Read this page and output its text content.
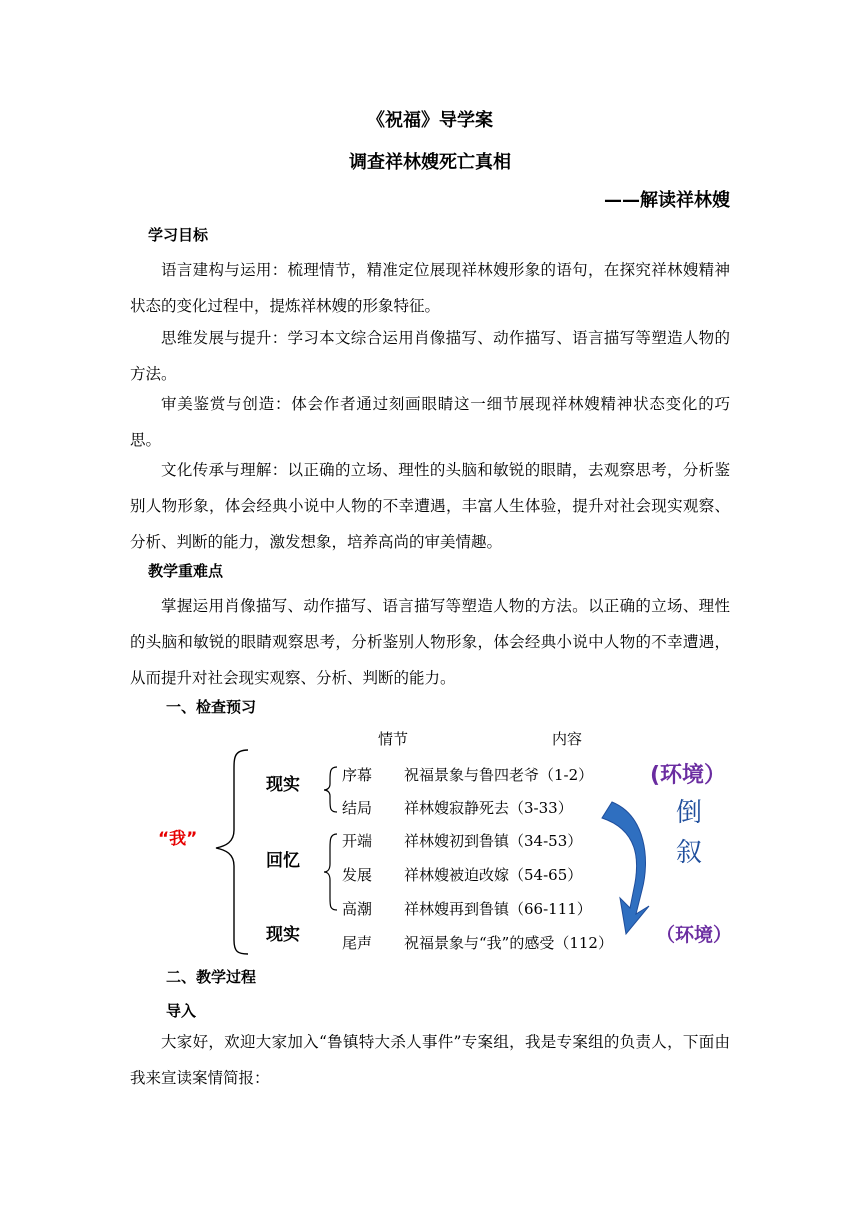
《祝福》导学案
调查祥林嫂死亡真相
——解读祥林嫂
学习目标
语言建构与运用：梳理情节，精准定位展现祥林嫂形象的语句，在探究祥林嫂精神状态的变化过程中，提炼祥林嫂的形象特征。
思维发展与提升：学习本文综合运用肖像描写、动作描写、语言描写等塑造人物的方法。
审美鉴赏与创造：体会作者通过刻画眼睛这一细节展现祥林嫂精神状态变化的巧思。
文化传承与理解：以正确的立场、理性的头脑和敏锐的眼睛，去观察思考，分析鉴别人物形象，体会经典小说中人物的不幸遭遇，丰富人生体验，提升对社会现实观察、分析、判断的能力，激发想象，培养高尚的审美情趣。
教学重难点
掌握运用肖像描写、动作描写、语言描写等塑造人物的方法。以正确的立场、理性的头脑和敏锐的眼睛观察思考，分析鉴别人物形象，体会经典小说中人物的不幸遭遇，从而提升对社会现实观察、分析、判断的能力。
一、检查预习
情节	内容
“我”
现实
回忆
现实
序幕	祝福景象与鲁四老爷（1-2）
结局	祥林嫂寂静死去（3-33）
开端	祥林嫂初到鲁镇（34-53）
发展	祥林嫂被迫改嫁（54-65）
高潮	祥林嫂再到鲁镇（66-111）
尾声	祝福景象与“我”的感受（112）
(环境）
倒
叙
（环境）
二、教学过程
导入
大家好，欢迎大家加入“鲁镇特大杀人事件”专案组，我是专案组的负责人，下面由我来宣读案情简报：
